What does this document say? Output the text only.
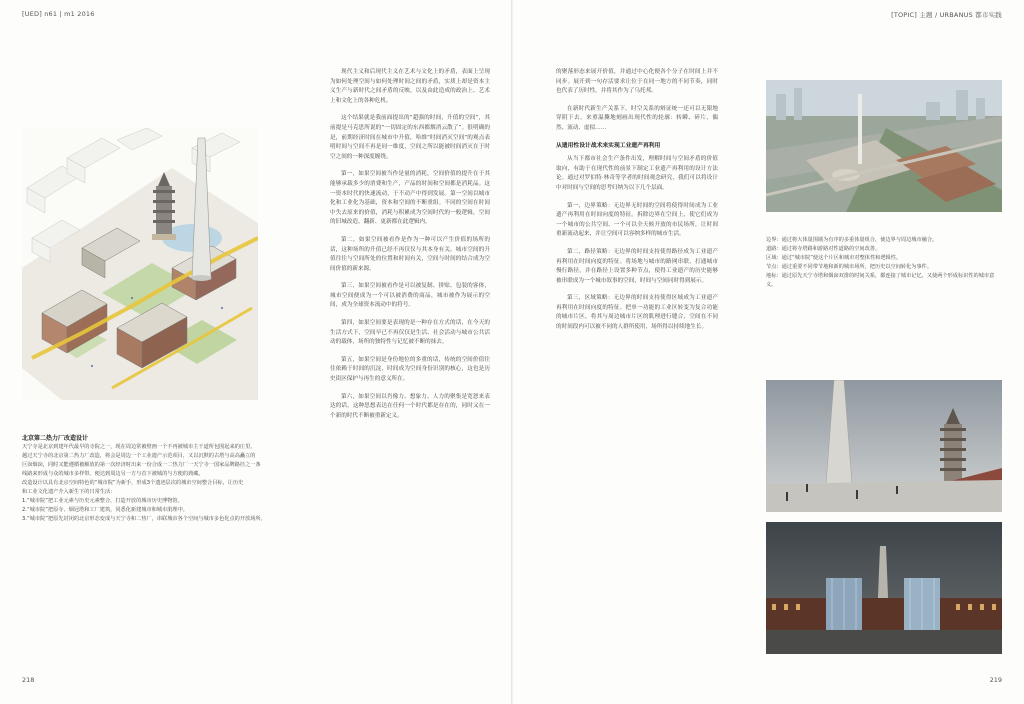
[UED] n61 | m1 2016	[TOPIC] 主题 / URBANUS 都市实践
北京第二热力厂改造设计
天宁寺是北京到建年代最早的寺院之一，现在周边常被壁画一个不再被城市主干道所包围起来的庄里。
越过天宁寺的北京第二热力厂改造，将会是周边一个工业遗产示范项目，又以沉默的古塔与高高矗立的
巨囱烟囱，同时又能遵循被解放的第一次经济时出来一份合成一二热力厂一天宁寺一国家品牌路径之一条
线路来形成与众的城市多样带。便达到周边另一方与首下被城的与方便的典藏。
改造设计以具有北京空间特色的“城市院”为新手，形成3个遗迹层次的城市空间整合目标，让历史
和工业文化遗产介入新生下的日常生活：
1.“城市院”把工业元素与历史元素整合，打造开放的城市历史博物馆。
2.“城市院”把原寺、烟冠塔和工厂建筑，同悉化新建城市和城市肌理中。
3.“城市院”把原先封闭的北京形态变成与天宁寺和二热厂，串联城市各个空间与城市多色化点的开放场所。

现代主义和后现代主义在艺术与文化上的矛盾，表面上呈现为如何处理空间与如何处理时间之间的矛盾，实质上却是资本主义生产与新时代之间矛盾的反映，以及由此造成的政治上、艺术上和文化上的各种危机。

这个结果就是我前面提出的“超强的时间，升值的空间”，其前提是马克思所说的“一切固定的东西都烟消云散了”。很明确的是，前期经济时间在城市中升值，哈维“时间消灭空间”的观点表明时间与空间不再是同一维度，空间之所以能被时间消灭在于时空之间的一种深度缠绕。

第一，如果空间被当作是量的消耗，空间价值的提升在于其能够承载多少的消费和生产，产品的时间和空间都是消耗品。这一资本时代的快速流动，于不动产中得到发展。第一空间以城市化和工业化为基础，资本和空间的不断重组。不同的空间在时间中失去原来的价值，消耗与积累成为空间时代的一般逻辑，空间的旧城改造、翻新、更新都在此逻辑内。

第二，如果空间被看作是作为一种可以产生价值的场所的话，这种场所的升值已经不再仅仅与其本身有关。城市空间的升值往往与空间所处的位置和时间有关，空间与时间的结合成为空间价值的新来源。

第三，如果空间被看作是可以被复制、拼贴、包装的客体，城市空间便成为一个可以被消费的商品，城市被作为展示的空间，成为全球资本流动中的符号。

第四，如果空间要是表现的是一种存在方式的话，在今天的生活方式下，空间早已不再仅仅是生活、社会活动与城市公共活动的载体，场所的独特性与记忆被不断的抹去。

第五，如果空间是身份地位的多重的话，传统的空间价值往往依赖于时间的沉淀，时间成为空间身份识别的核心，这也是历史街区保护与再生的意义所在。

第六，如果空间以肖像力、想象力、人力的聚集是宽恕来表达的话，这种思想表达在任何一个时代都是存在的，同时又在一个新的时代不断被重新定义。

218

的聚落形态来展开价值，并通过中心化便各个分子在时间上并不同步。展开到一句存活要求让位于在同一地方的不同节奏，同时也代表了历时性，并将其作为了乌托邦。

在新时代新生产关系下，时空关系的辩证统一还可以无限地穿阴下去。来重温撕地刻画出现代性的轮廓：转瞬、碎片、偶然、流动、虚拟……

从遗用性设计战术来实现工业遗产再利用

从当下都市社会生产条件出发，理解时间与空间矛盾的价值取向，有助于在现代性的前景下制定工业遗产再利用的设计方法论。通过对罗伯特·林奇等学者的时间观念研究，我们可以将设计中对时间与空间的思考归纳为以下几个层面。

第一，边界策略：无边界无时间的空间将使得时间成为工业遗产再利用在时间向度的特征。拆除边界在空间上，使它们成为一个城市的公共空间、一个可以全天候开放的市民场所，让时间重新流动起来，并让空间可以容纳多样的城市生活。

第二，路径策略：无边界的时间支持使得路径成为工业遗产再利用在时间向度的特征。将场地与城市的路网串联，打通城市慢行路径，并在路径上设置多种节点，使得工业遗产的历史能够被串联成为一个城市叙事的空间，时间与空间同时得到展示。

第三，区域策略：无边界的时间支持使得区域成为工业遗产再利用在时间向度的特征。把单一功能的工业区转变为复合功能的城市片区，将其与周边城市片区的肌理进行缝合，空间在不同的时间段内可以被不同的人群所使用，场所得以持续地生长。

边界：通过将大体量围墙为有序的多重体量组合，使边界与周边城市融合。
道路：通过将寺塔路和游路对性道路的空间改善。
区域：通过“城市院”使这个片区和城市对整体性和逻辑性。
节点：通过重要不同带节地和新的城市场所，把历史以空间转化为事件。
地标：通过原先天宁寺塔和烟囱双排的时间关系，都连接了城市记忆，又使两个形成标识性的城市意义。
219
